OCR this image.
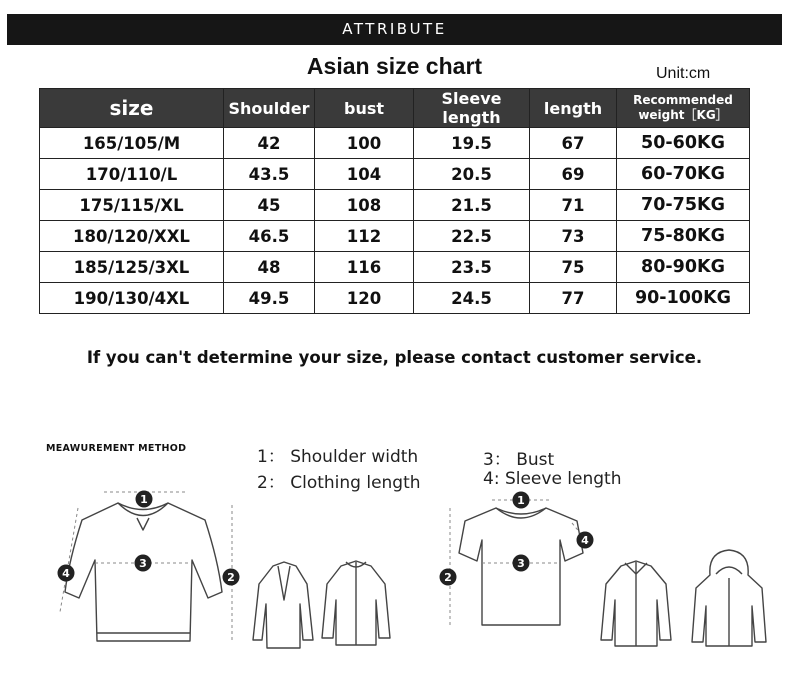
ATTRIBUTE
Asian size chart	Unit:cm
size	Shoulder	bust	Sleeve length	length	Recommended weight［KG］
165/105/M	42	100	19.5	67	50-60KG
170/110/L	43.5	104	20.5	69	60-70KG
175/115/XL	45	108	21.5	71	70-75KG
180/120/XXL	46.5	112	22.5	73	75-80KG
185/125/3XL	48	116	23.5	75	80-90KG
190/130/4XL	49.5	120	24.5	77	90-100KG
If you can't determine your size, please contact customer service.
MEAWUREMENT METHOD	1： Shoulder width
2： Clothing length
3： Bust
4: Sleeve length
1
3
2
4
1
3
2
4
